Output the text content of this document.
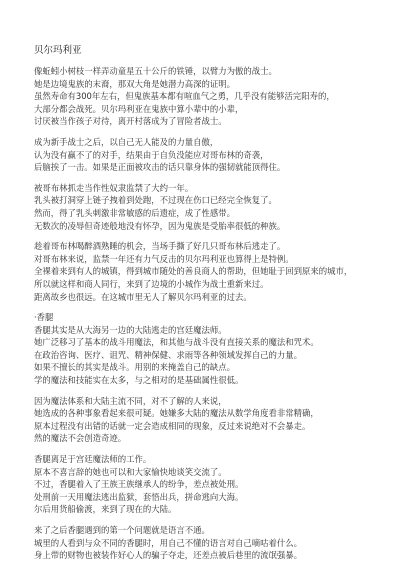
贝尔玛利亚
像蚯蚓小树枝一样弄动童星五十公斤的铁锤，以臂力为傲的战士。
她是边境鬼族的末裔，那双大角是她潜力高深的证明。
虽然寿命有300年左右，但鬼族基本都有喧血气之勇，几乎没有能够活完阳寿的，
大部分都会战死。贝尔玛利亚在鬼族中算小辈中的小辈，
讨厌被当作孩子对待，离开村落成为了冒险者战士。
成为新手战士之后，以自己无人能及的力量自傲，
认为没有赢不了的对手，结果由于自负没能应对哥布林的奇袭，
后脑挨了一击。如果是正面被攻击的话只靠身体的强韧就能顶得住。
被哥布林抓走当作性奴隶监禁了大约一年。
乳头被打洞穿上链子拽着到处跑，不过现在伤口已经完全恢复了。
然而，得了乳头刺激非常敏感的后遗症，成了性感带。
无数次的凌辱但奇迹般地没有怀孕，因为鬼族是受胎率很低的种族。
趁着哥布林喝醉酒熟睡的机会，当场手撕了好几只哥布林后逃走了。
对哥布林来说，监禁一年还有力气反击的贝尔玛利亚也算得上是特例。
全裸着来到有人的城镇，得到城市随处的善良商人的帮助，但她耻于回到原来的城市，
所以就这样和商人同行，来到了边境的小城作为战士重新来过。
距离故乡也很远。在这城市里无人了解贝尔玛利亚的过去。
·香腿
香腿其实是从大海另一边的大陆逃走的宫廷魔法师。
她广泛移习了基本的战斗用魔法，和其他与战斗没有直接关系的魔法和咒术。
在政治咨询、医疗、诅咒、精神保健、求雨等各种领域发挥自己的力量。
如果不擅长的其实是战斗。用别的来掩盖自己的缺点。
学的魔法和技能实在太多，与之相对的是基础属性很低。
因为魔法体系和大陆主流不同，对不了解的人来说，
她选成的各种事象看起来很可疑。她嫌多大陆的魔法从数学角度看非常精确，
原本过程没有出错的话就一定会造成相同的现象，反过来说绝对不会暴走。
然的魔法不会创造奇迹。
香腿离足于宫廷魔法师的工作。
原本不喜言辞的她也可以和大家愉快地谈笑交流了。
不过，香腿着入了王族王族继承人的纷争，差点被处刑。
处刑前一天用魔法逃出监狱，套悟出兵，拼命逃向大海。
尔后用货船偷渡，来到了现在的大陆。
来了之后香腿遇到的第一个问题就是语言不通。
城里的人看到与众不同的香腿时，用自己不懂的语言对自己嘀咕着什么。
身上带的财物也被装作好心人的骗子夺走，还差点被后巷里的流氓强暴。
